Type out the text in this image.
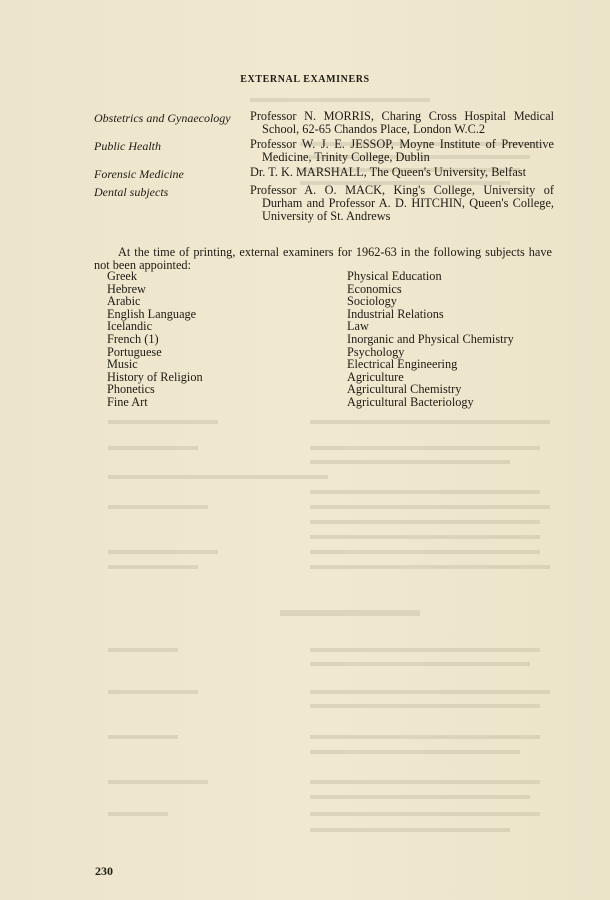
EXTERNAL EXAMINERS
Obstetrics and Gynaecology	Professor N. MORRIS, Charing Cross Hospital Medical School, 62-65 Chandos Place, London W.C.2
Public Health	Professor W. J. E. JESSOP, Moyne Institute of Preventive Medicine, Trinity College, Dublin
Forensic Medicine	Dr. T. K. MARSHALL, The Queen's University, Belfast
Dental subjects	Professor A. O. MACK, King's College, University of Durham and Professor A. D. HITCHIN, Queen's College, University of St. Andrews
At the time of printing, external examiners for 1962-63 in the following subjects have not been appointed:
Greek
Hebrew
Arabic
English Language
Icelandic
French (1)
Portuguese
Music
History of Religion
Phonetics
Fine Art
Physical Education
Economics
Sociology
Industrial Relations
Law
Inorganic and Physical Chemistry
Psychology
Electrical Engineering
Agriculture
Agricultural Chemistry
Agricultural Bacteriology
230
